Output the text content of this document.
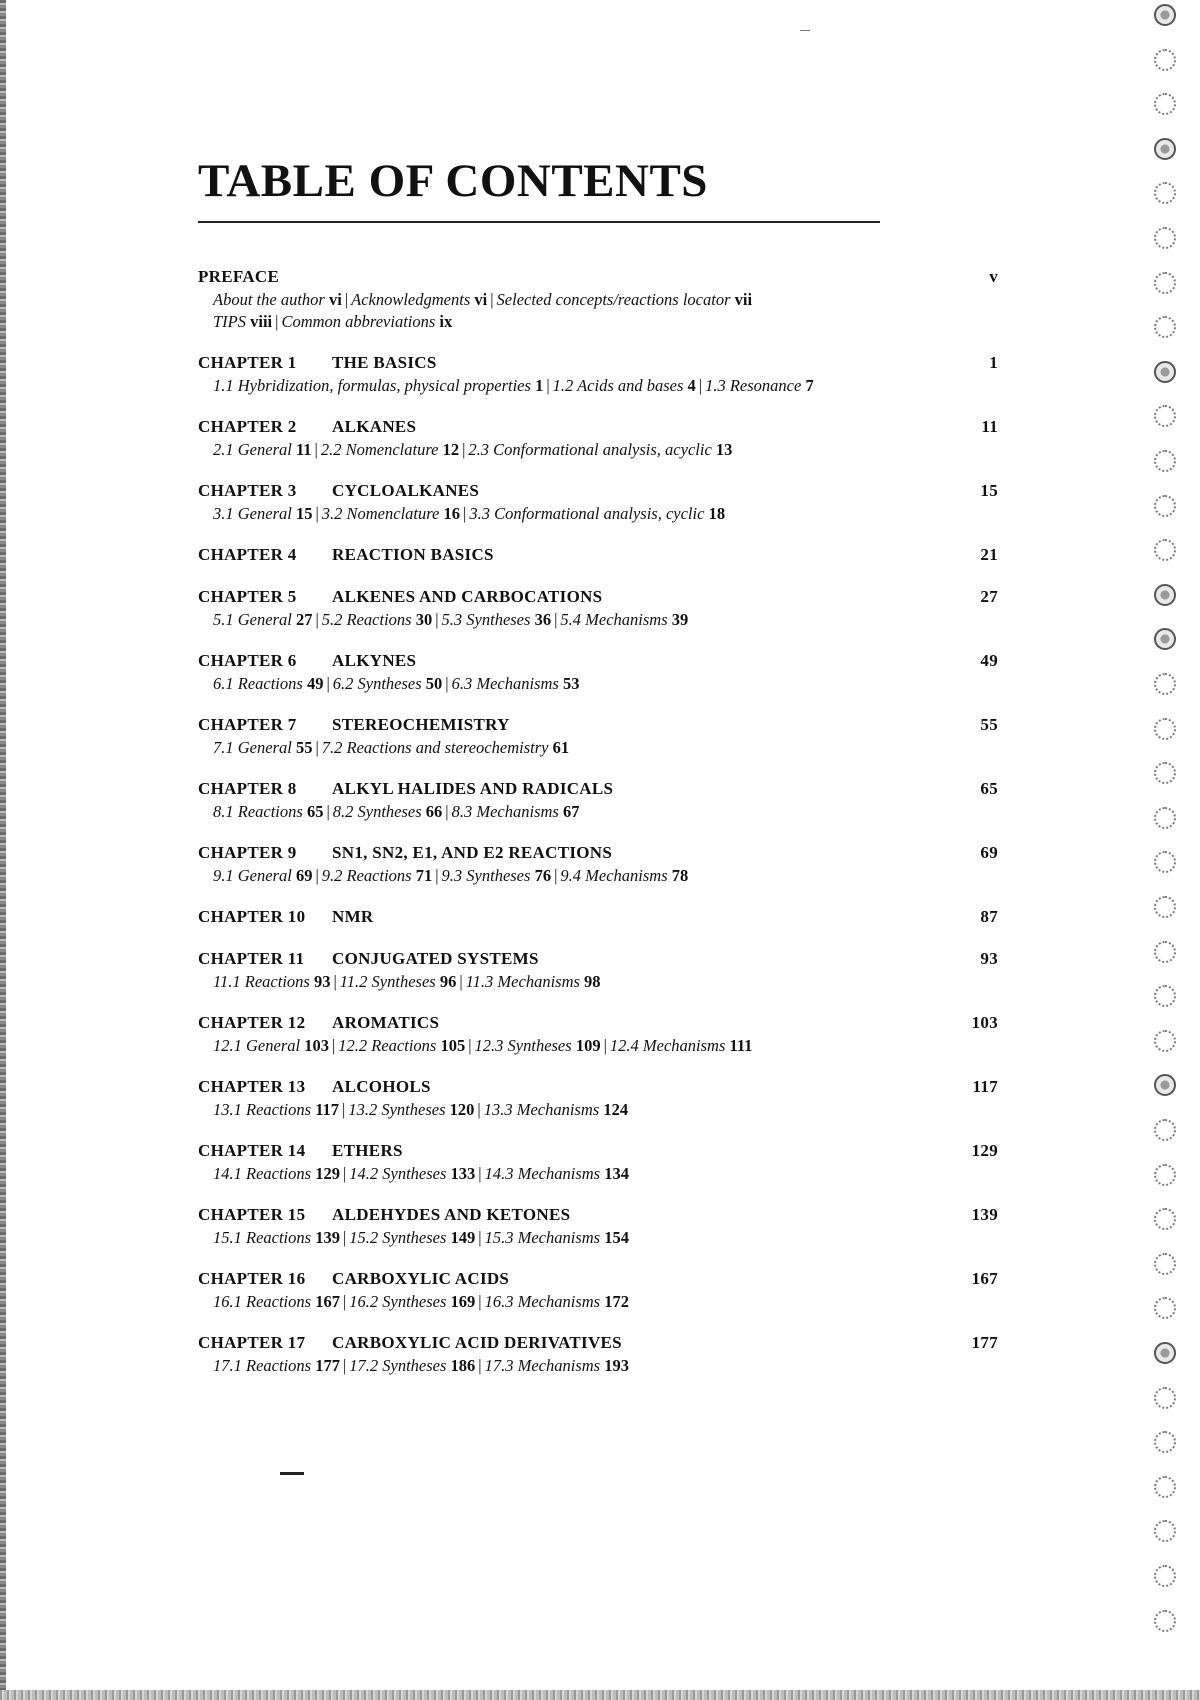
TABLE OF CONTENTS
PREFACE	v
About the author vi | Acknowledgments vi | Selected concepts/reactions locator vii
TIPS viii | Common abbreviations ix
CHAPTER 1 THE BASICS	1
1.1 Hybridization, formulas, physical properties 1 | 1.2 Acids and bases 4 | 1.3 Resonance 7
CHAPTER 2 ALKANES	11
2.1 General 11 | 2.2 Nomenclature 12 | 2.3 Conformational analysis, acyclic 13
CHAPTER 3 CYCLOALKANES	15
3.1 General 15 | 3.2 Nomenclature 16 | 3.3 Conformational analysis, cyclic 18
CHAPTER 4 REACTION BASICS	21
CHAPTER 5 ALKENES AND CARBOCATIONS	27
5.1 General 27 | 5.2 Reactions 30 | 5.3 Syntheses 36 | 5.4 Mechanisms 39
CHAPTER 6 ALKYNES	49
6.1 Reactions 49 | 6.2 Syntheses 50 | 6.3 Mechanisms 53
CHAPTER 7 STEREOCHEMISTRY	55
7.1 General 55 | 7.2 Reactions and stereochemistry 61
CHAPTER 8 ALKYL HALIDES AND RADICALS	65
8.1 Reactions 65 | 8.2 Syntheses 66 | 8.3 Mechanisms 67
CHAPTER 9 SN1, SN2, E1, AND E2 REACTIONS	69
9.1 General 69 | 9.2 Reactions 71 | 9.3 Syntheses 76 | 9.4 Mechanisms 78
CHAPTER 10 NMR	87
CHAPTER 11 CONJUGATED SYSTEMS	93
11.1 Reactions 93 | 11.2 Syntheses 96 | 11.3 Mechanisms 98
CHAPTER 12 AROMATICS	103
12.1 General 103 | 12.2 Reactions 105 | 12.3 Syntheses 109 | 12.4 Mechanisms 111
CHAPTER 13 ALCOHOLS	117
13.1 Reactions 117 | 13.2 Syntheses 120 | 13.3 Mechanisms 124
CHAPTER 14 ETHERS	129
14.1 Reactions 129 | 14.2 Syntheses 133 | 14.3 Mechanisms 134
CHAPTER 15 ALDEHYDES AND KETONES	139
15.1 Reactions 139 | 15.2 Syntheses 149 | 15.3 Mechanisms 154
CHAPTER 16 CARBOXYLIC ACIDS	167
16.1 Reactions 167 | 16.2 Syntheses 169 | 16.3 Mechanisms 172
CHAPTER 17 CARBOXYLIC ACID DERIVATIVES	177
17.1 Reactions 177 | 17.2 Syntheses 186 | 17.3 Mechanisms 193
